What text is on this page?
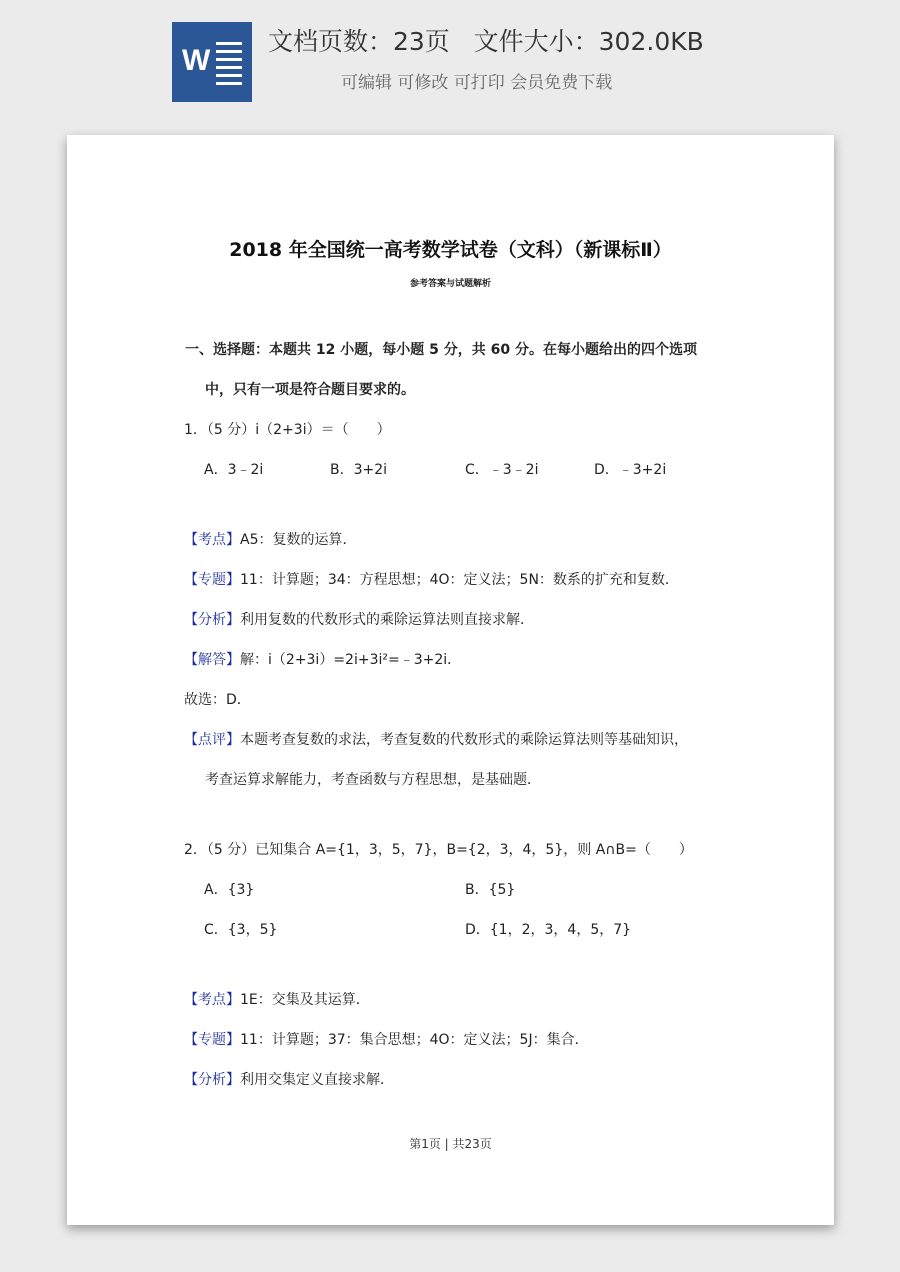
W
文档页数：23页   文件大小：302.0KB
可编辑 可修改 可打印 会员免费下载
2018 年全国统一高考数学试卷（文科）（新课标Ⅱ）
参考答案与试题解析
一、选择题：本题共 12 小题，每小题 5 分，共 60 分。在每小题给出的四个选项
中，只有一项是符合题目要求的。
1．（5 分）i（2+3i）＝（　　）
A．3﹣2i	B．3+2i	C．﹣3﹣2i	D．﹣3+2i
【考点】A5：复数的运算．
【专题】11：计算题；34：方程思想；4O：定义法；5N：数系的扩充和复数．
【分析】利用复数的代数形式的乘除运算法则直接求解．
【解答】解：i（2+3i）=2i+3i²=﹣3+2i．
故选：D．
【点评】本题考查复数的求法，考查复数的代数形式的乘除运算法则等基础知识，
考查运算求解能力，考查函数与方程思想，是基础题．
2．（5 分）已知集合 A={1，3，5，7}，B={2，3，4，5}，则 A∩B=（　　）
A．{3}	B．{5}
C．{3，5}	D．{1，2，3，4，5，7}
【考点】1E：交集及其运算．
【专题】11：计算题；37：集合思想；4O：定义法；5J：集合．
【分析】利用交集定义直接求解．
第1页 | 共23页
